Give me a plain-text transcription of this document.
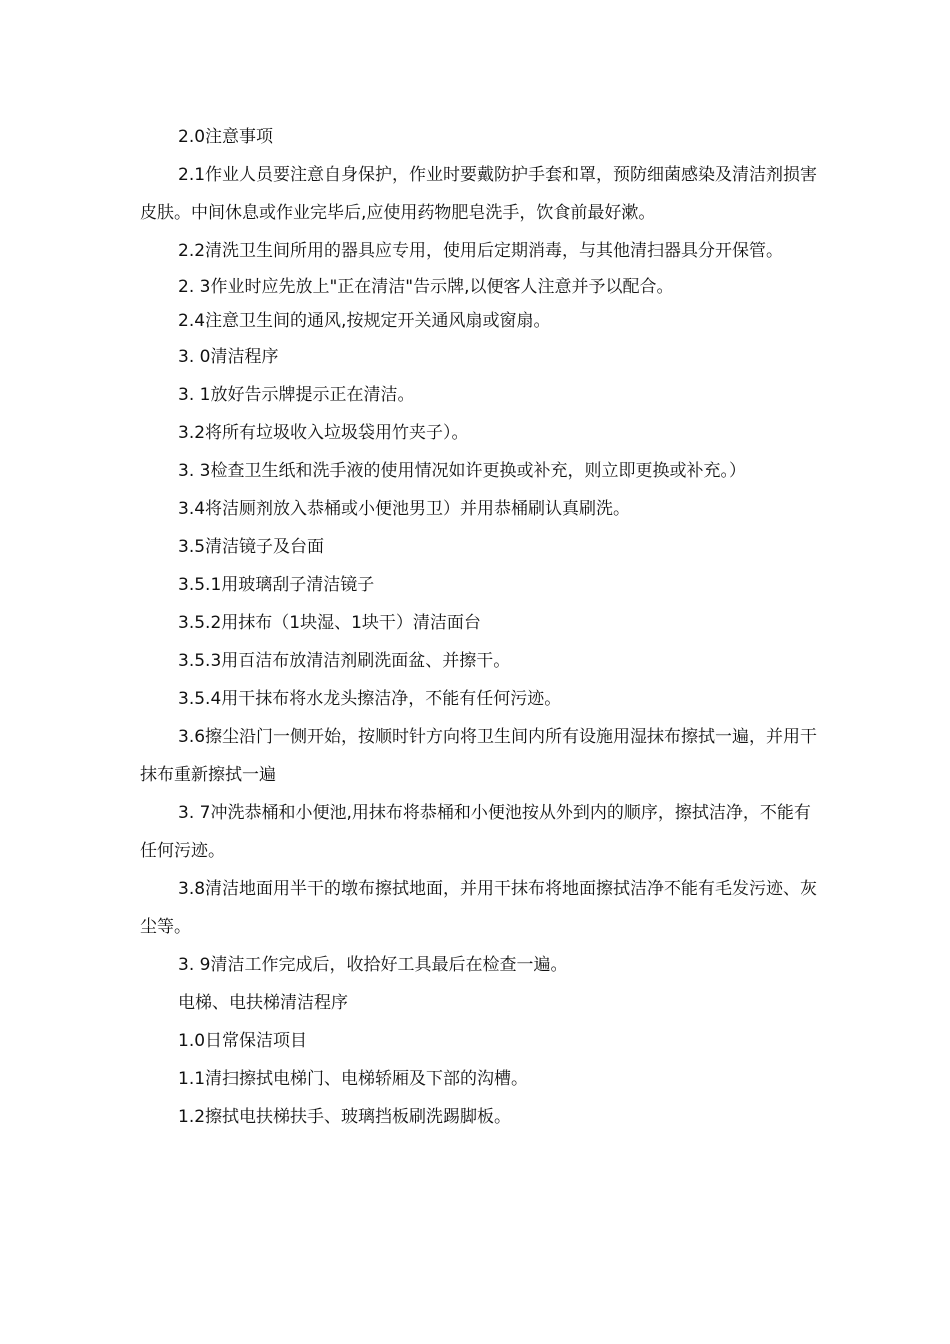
2.0注意事项

2.1作业人员要注意自身保护，作业时要戴防护手套和罩，预防细菌感染及清洁剂损害皮肤。中间休息或作业完毕后,应使用药物肥皂洗手，饮食前最好漱。

2.2清洗卫生间所用的器具应专用，使用后定期消毒，与其他清扫器具分开保管。

2. 3作业时应先放上"正在清洁"告示牌,以便客人注意并予以配合。

2.4注意卫生间的通风,按规定开关通风扇或窗扇。

3. 0清洁程序

3. 1放好告示牌提示正在清洁。

3.2将所有垃圾收入垃圾袋用竹夹子）。

3. 3检查卫生纸和洗手液的使用情况如许更换或补充，则立即更换或补充。）

3.4将洁厕剂放入恭桶或小便池男卫）并用恭桶刷认真刷洗。

3.5清洁镜子及台面

3.5.1用玻璃刮子清洁镜子

3.5.2用抹布（1块湿、1块干）清洁面台

3.5.3用百洁布放清洁剂刷洗面盆、并擦干。

3.5.4用干抹布将水龙头擦洁净，不能有任何污迹。

3.6擦尘沿门一侧开始，按顺时针方向将卫生间内所有设施用湿抹布擦拭一遍，并用干抹布重新擦拭一遍

3. 7冲洗恭桶和小便池,用抹布将恭桶和小便池按从外到内的顺序，擦拭洁净，不能有任何污迹。

3.8清洁地面用半干的墩布擦拭地面，并用干抹布将地面擦拭洁净不能有毛发污迹、灰尘等。

3. 9清洁工作完成后，收拾好工具最后在检查一遍。

电梯、电扶梯清洁程序

1.0日常保洁项目

1.1清扫擦拭电梯门、电梯轿厢及下部的沟槽。

1.2擦拭电扶梯扶手、玻璃挡板刷洗踢脚板。
